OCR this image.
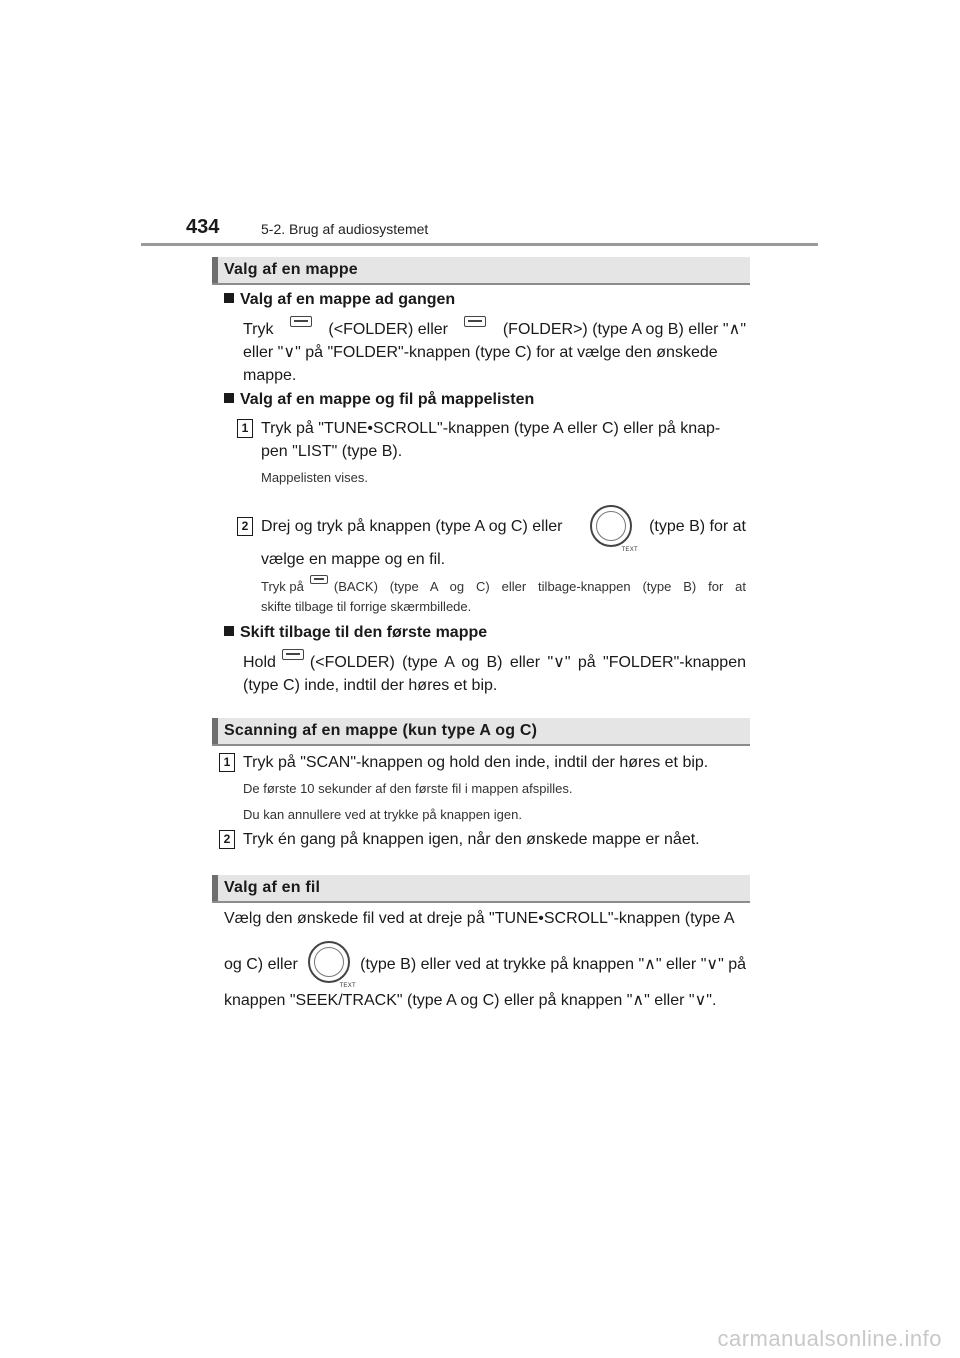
434	5-2. Brug af audiosystemet
Valg af en mappe
Valg af en mappe ad gangen
Tryk	(<FOLDER) eller	(FOLDER>) (type A og B) eller "∧"
eller "∨" på "FOLDER"-knappen (type C) for at vælge den ønskede
mappe.
Valg af en mappe og fil på mappelisten
1 Tryk på "TUNE•SCROLL"-knappen (type A eller C) eller på knap-
pen "LIST" (type B).
Mappelisten vises.
2 Drej og tryk på knappen (type A og C) eller	(type B) for at
TEXT
vælge en mappe og en fil.
Tryk på (BACK) (type A og C) eller tilbage-knappen (type B) for at
skifte tilbage til forrige skærmbillede.
Skift tilbage til den første mappe
Hold (<FOLDER) (type A og B) eller "∨" på "FOLDER"-knappen
(type C) inde, indtil der høres et bip.
Scanning af en mappe (kun type A og C)
1 Tryk på "SCAN"-knappen og hold den inde, indtil der høres et bip.
De første 10 sekunder af den første fil i mappen afspilles.
Du kan annullere ved at trykke på knappen igen.
2 Tryk én gang på knappen igen, når den ønskede mappe er nået.
Valg af en fil
Vælg den ønskede fil ved at dreje på "TUNE•SCROLL"-knappen (type A
og C) eller	(type B) eller ved at trykke på knappen "∧" eller "∨" på
TEXT
knappen "SEEK/TRACK" (type A og C) eller på knappen "∧" eller "∨".
carmanualsonline.info
